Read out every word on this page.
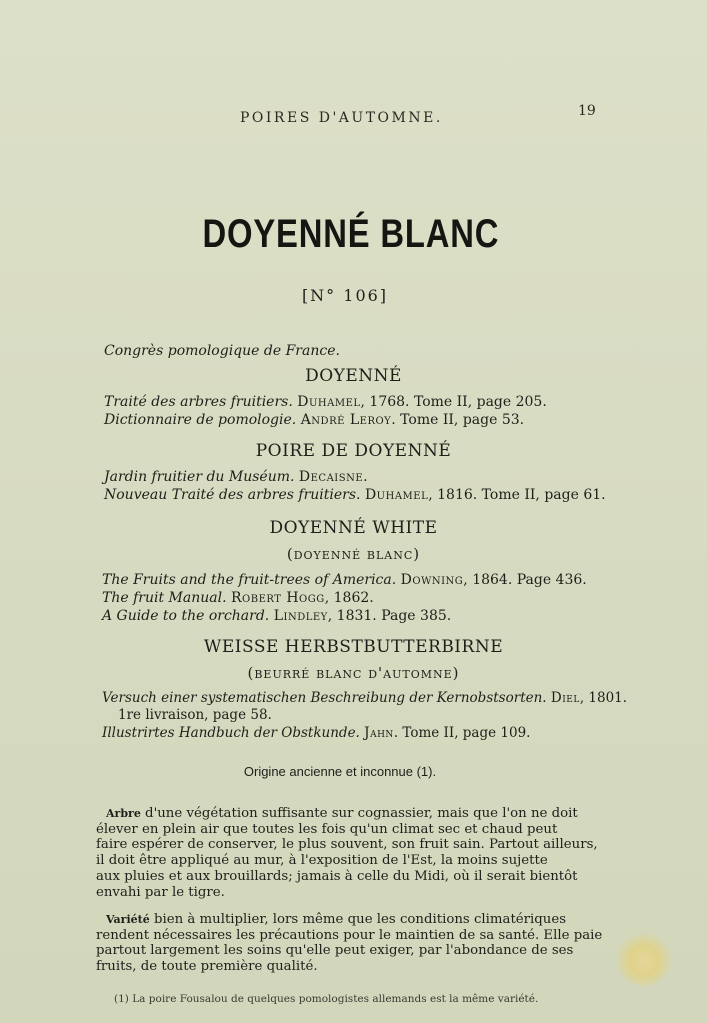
POIRES D'AUTOMNE.	19
DOYENNÉ BLANC
[N° 106]
Congrès pomologique de France.
DOYENNÉ
Traité des arbres fruitiers. Duhamel, 1768. Tome II, page 205.
Dictionnaire de pomologie. André Leroy. Tome II, page 53.
POIRE DE DOYENNÉ
Jardin fruitier du Muséum. Decaisne.
Nouveau Traité des arbres fruitiers. Duhamel, 1816. Tome II, page 61.
DOYENNÉ WHITE
(doyenné blanc)
The Fruits and the fruit-trees of America. Downing, 1864. Page 436.
The fruit Manual. Robert Hogg, 1862.
A Guide to the orchard. Lindley, 1831. Page 385.
WEISSE HERBSTBUTTERBIRNE
(beurré blanc d'automne)
Versuch einer systematischen Beschreibung der Kernobstsorten. Diel, 1801.
1re livraison, page 58.
Illustrirtes Handbuch der Obstkunde. Jahn. Tome II, page 109.
Origine ancienne et inconnue (1).
Arbre d'une végétation suffisante sur cognassier, mais que l'on ne doit
élever en plein air que toutes les fois qu'un climat sec et chaud peut
faire espérer de conserver, le plus souvent, son fruit sain. Partout ailleurs,
il doit être appliqué au mur, à l'exposition de l'Est, la moins sujette
aux pluies et aux brouillards; jamais à celle du Midi, où il serait bientôt
envahi par le tigre.
Variété bien à multiplier, lors même que les conditions climatériques
rendent nécessaires les précautions pour le maintien de sa santé. Elle paie
partout largement les soins qu'elle peut exiger, par l'abondance de ses
fruits, de toute première qualité.
(1) La poire Fousalou de quelques pomologistes allemands est la même variété.
